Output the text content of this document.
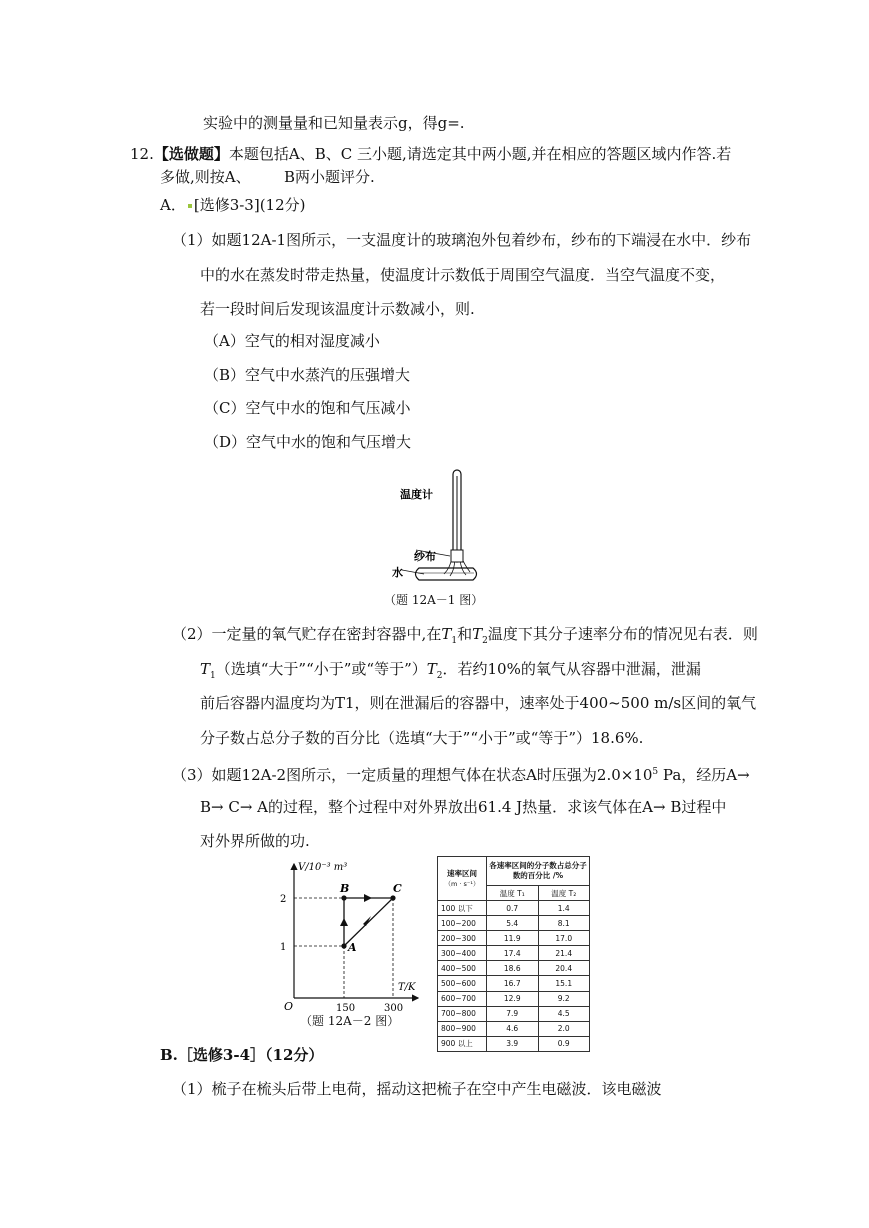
实验中的测量量和已知量表示g，得g=.
12.【选做题】本题包括A、B、C 三小题,请选定其中两小题,并在相应的答题区域内作答.若
多做,则按A、       B两小题评分.
A． [选修3-3](12分)
（1）如题12A-1图所示，一支温度计的玻璃泡外包着纱布，纱布的下端浸在水中．纱布
中的水在蒸发时带走热量，使温度计示数低于周围空气温度．当空气温度不变，
若一段时间后发现该温度计示数减小，则.
（A）空气的相对湿度减小
（B）空气中水蒸汽的压强增大
（C）空气中水的饱和气压减小
（D）空气中水的饱和气压增大
温度计
纱布
水
（题 12A－1 图）
（2）一定量的氧气贮存在密封容器中,在$T_1$和$T_2$温度下其分子速率分布的情况见右表．则
$T_1$（选填“大于”“小于”或“等于$”)T_2$．若约10%的氧气从容器中泄漏，泄漏
前后容器内温度均为T1，则在泄漏后的容器中，速率处于400~500 m/s区间的氧气
分子数占总分子数的百分比（选填“大于”“小于”或“等于”）18.6%.
（3）如题12A-2图所示，一定质量的理想气体在状态A时压强为$2.0\times 10^5$ Pa，经历A→
B→ C→ A的过程，整个过程中对外界放出61.4 J热量．求该气体在A→ B过程中
对外界所做的功.
V/10⁻³ m³
T/K
O
1
2
150	300
A
B	C
（题 12A－2 图）
速率区间
（m · s⁻¹）	各速率区间的分子数占总分子数的百分比 /%	
	温度 T₁	温度 T₂
100 以下	0.7	1.4
100~200	5.4	8.1
200~300	11.9	17.0
300~400	17.4	21.4
400~500	18.6	20.4
500~600	16.7	15.1
600~700	12.9	9.2
700~800	7.9	4.5
800~900	4.6	2.0
900 以上	3.9	0.9
B.［选修3-4］（12分）
（1）梳子在梳头后带上电荷，摇动这把梳子在空中产生电磁波．该电磁波
